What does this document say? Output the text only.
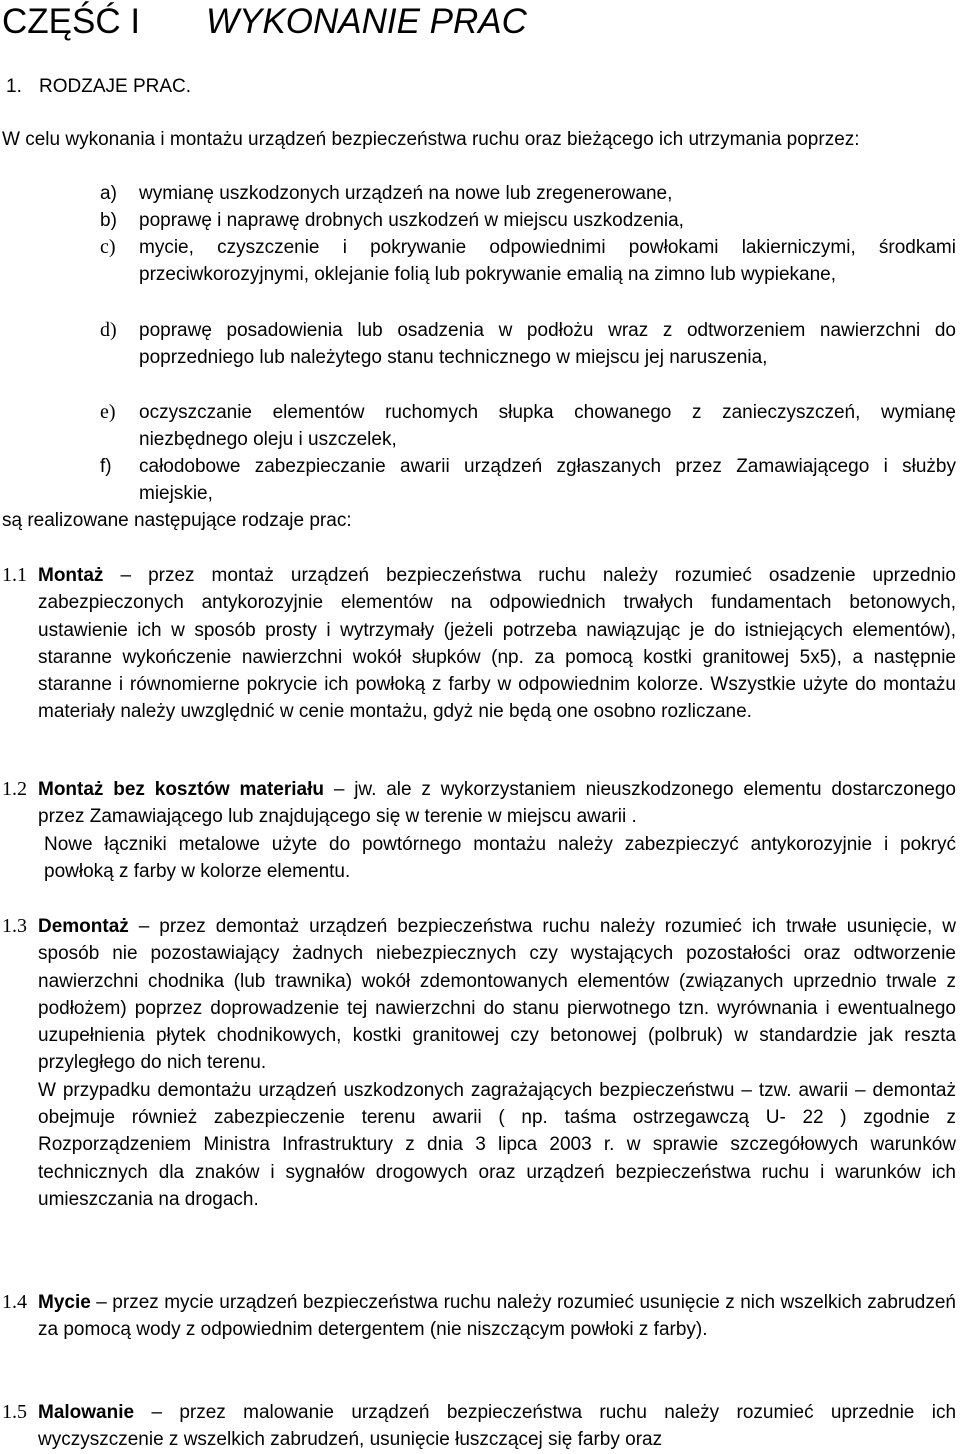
CZĘŚĆ I WYKONANIE PRAC
1. RODZAJE PRAC.

W celu wykonania i montażu urządzeń bezpieczeństwa ruchu oraz bieżącego ich utrzymania poprzez:

a)	wymianę uszkodzonych urządzeń na nowe lub zregenerowane,
b)	poprawę i naprawę drobnych uszkodzeń w miejscu uszkodzenia,
c)	mycie, czyszczenie i pokrywanie odpowiednimi powłokami lakierniczymi, środkami przeciwkorozyjnymi, oklejanie folią lub pokrywanie emalią na zimno lub wypiekane,
d)	poprawę posadowienia lub osadzenia w podłożu wraz z odtworzeniem nawierzchni do poprzedniego lub należytego stanu technicznego w miejscu jej naruszenia,
e)	oczyszczanie elementów ruchomych słupka chowanego z zanieczyszczeń, wymianę niezbędnego oleju i uszczelek,
f)	całodobowe zabezpieczanie awarii urządzeń zgłaszanych przez Zamawiającego i służby miejskie,

są realizowane następujące rodzaje prac:

1.1 Montaż – przez montaż urządzeń bezpieczeństwa ruchu należy rozumieć osadzenie uprzednio zabezpieczonych antykorozyjnie elementów na odpowiednich trwałych fundamentach betonowych, ustawienie ich w sposób prosty i wytrzymały (jeżeli potrzeba nawiązując je do istniejących elementów), staranne wykończenie nawierzchni wokół słupków (np. za pomocą kostki granitowej 5x5), a następnie staranne i równomierne pokrycie ich powłoką z farby w odpowiednim kolorze. Wszystkie użyte do montażu materiały należy uwzględnić w cenie montażu, gdyż nie będą one osobno rozliczane.
1.2 Montaż bez kosztów materiału – jw. ale z wykorzystaniem nieuszkodzonego elementu dostarczonego przez Zamawiającego lub znajdującego się w terenie w miejscu awarii .
Nowe łączniki metalowe użyte do powtórnego montażu należy zabezpieczyć antykorozyjnie i pokryć powłoką z farby w kolorze elementu.
1.3 Demontaż – przez demontaż urządzeń bezpieczeństwa ruchu należy rozumieć ich trwałe usunięcie, w sposób nie pozostawiający żadnych niebezpiecznych czy wystających pozostałości oraz odtworzenie nawierzchni chodnika (lub trawnika) wokół zdemontowanych elementów (związanych uprzednio trwale z podłożem) poprzez doprowadzenie tej nawierzchni do stanu pierwotnego tzn. wyrównania i ewentualnego uzupełnienia płytek chodnikowych, kostki granitowej czy betonowej (polbruk) w standardzie jak reszta przyległego do nich terenu.
W przypadku demontażu urządzeń uszkodzonych zagrażających bezpieczeństwu – tzw. awarii – demontaż obejmuje również zabezpieczenie terenu awarii ( np. taśma ostrzegawczą U- 22 ) zgodnie z Rozporządzeniem Ministra Infrastruktury z dnia 3 lipca 2003 r. w sprawie szczegółowych warunków technicznych dla znaków i sygnałów drogowych oraz urządzeń bezpieczeństwa ruchu i warunków ich umieszczania na drogach.
1.4 Mycie – przez mycie urządzeń bezpieczeństwa ruchu należy rozumieć usunięcie z nich wszelkich zabrudzeń za pomocą wody z odpowiednim detergentem (nie niszczącym powłoki z farby).
1.5 Malowanie – przez malowanie urządzeń bezpieczeństwa ruchu należy rozumieć uprzednie ich wyczyszczenie z wszelkich zabrudzeń, usunięcie łuszczącej się farby oraz
